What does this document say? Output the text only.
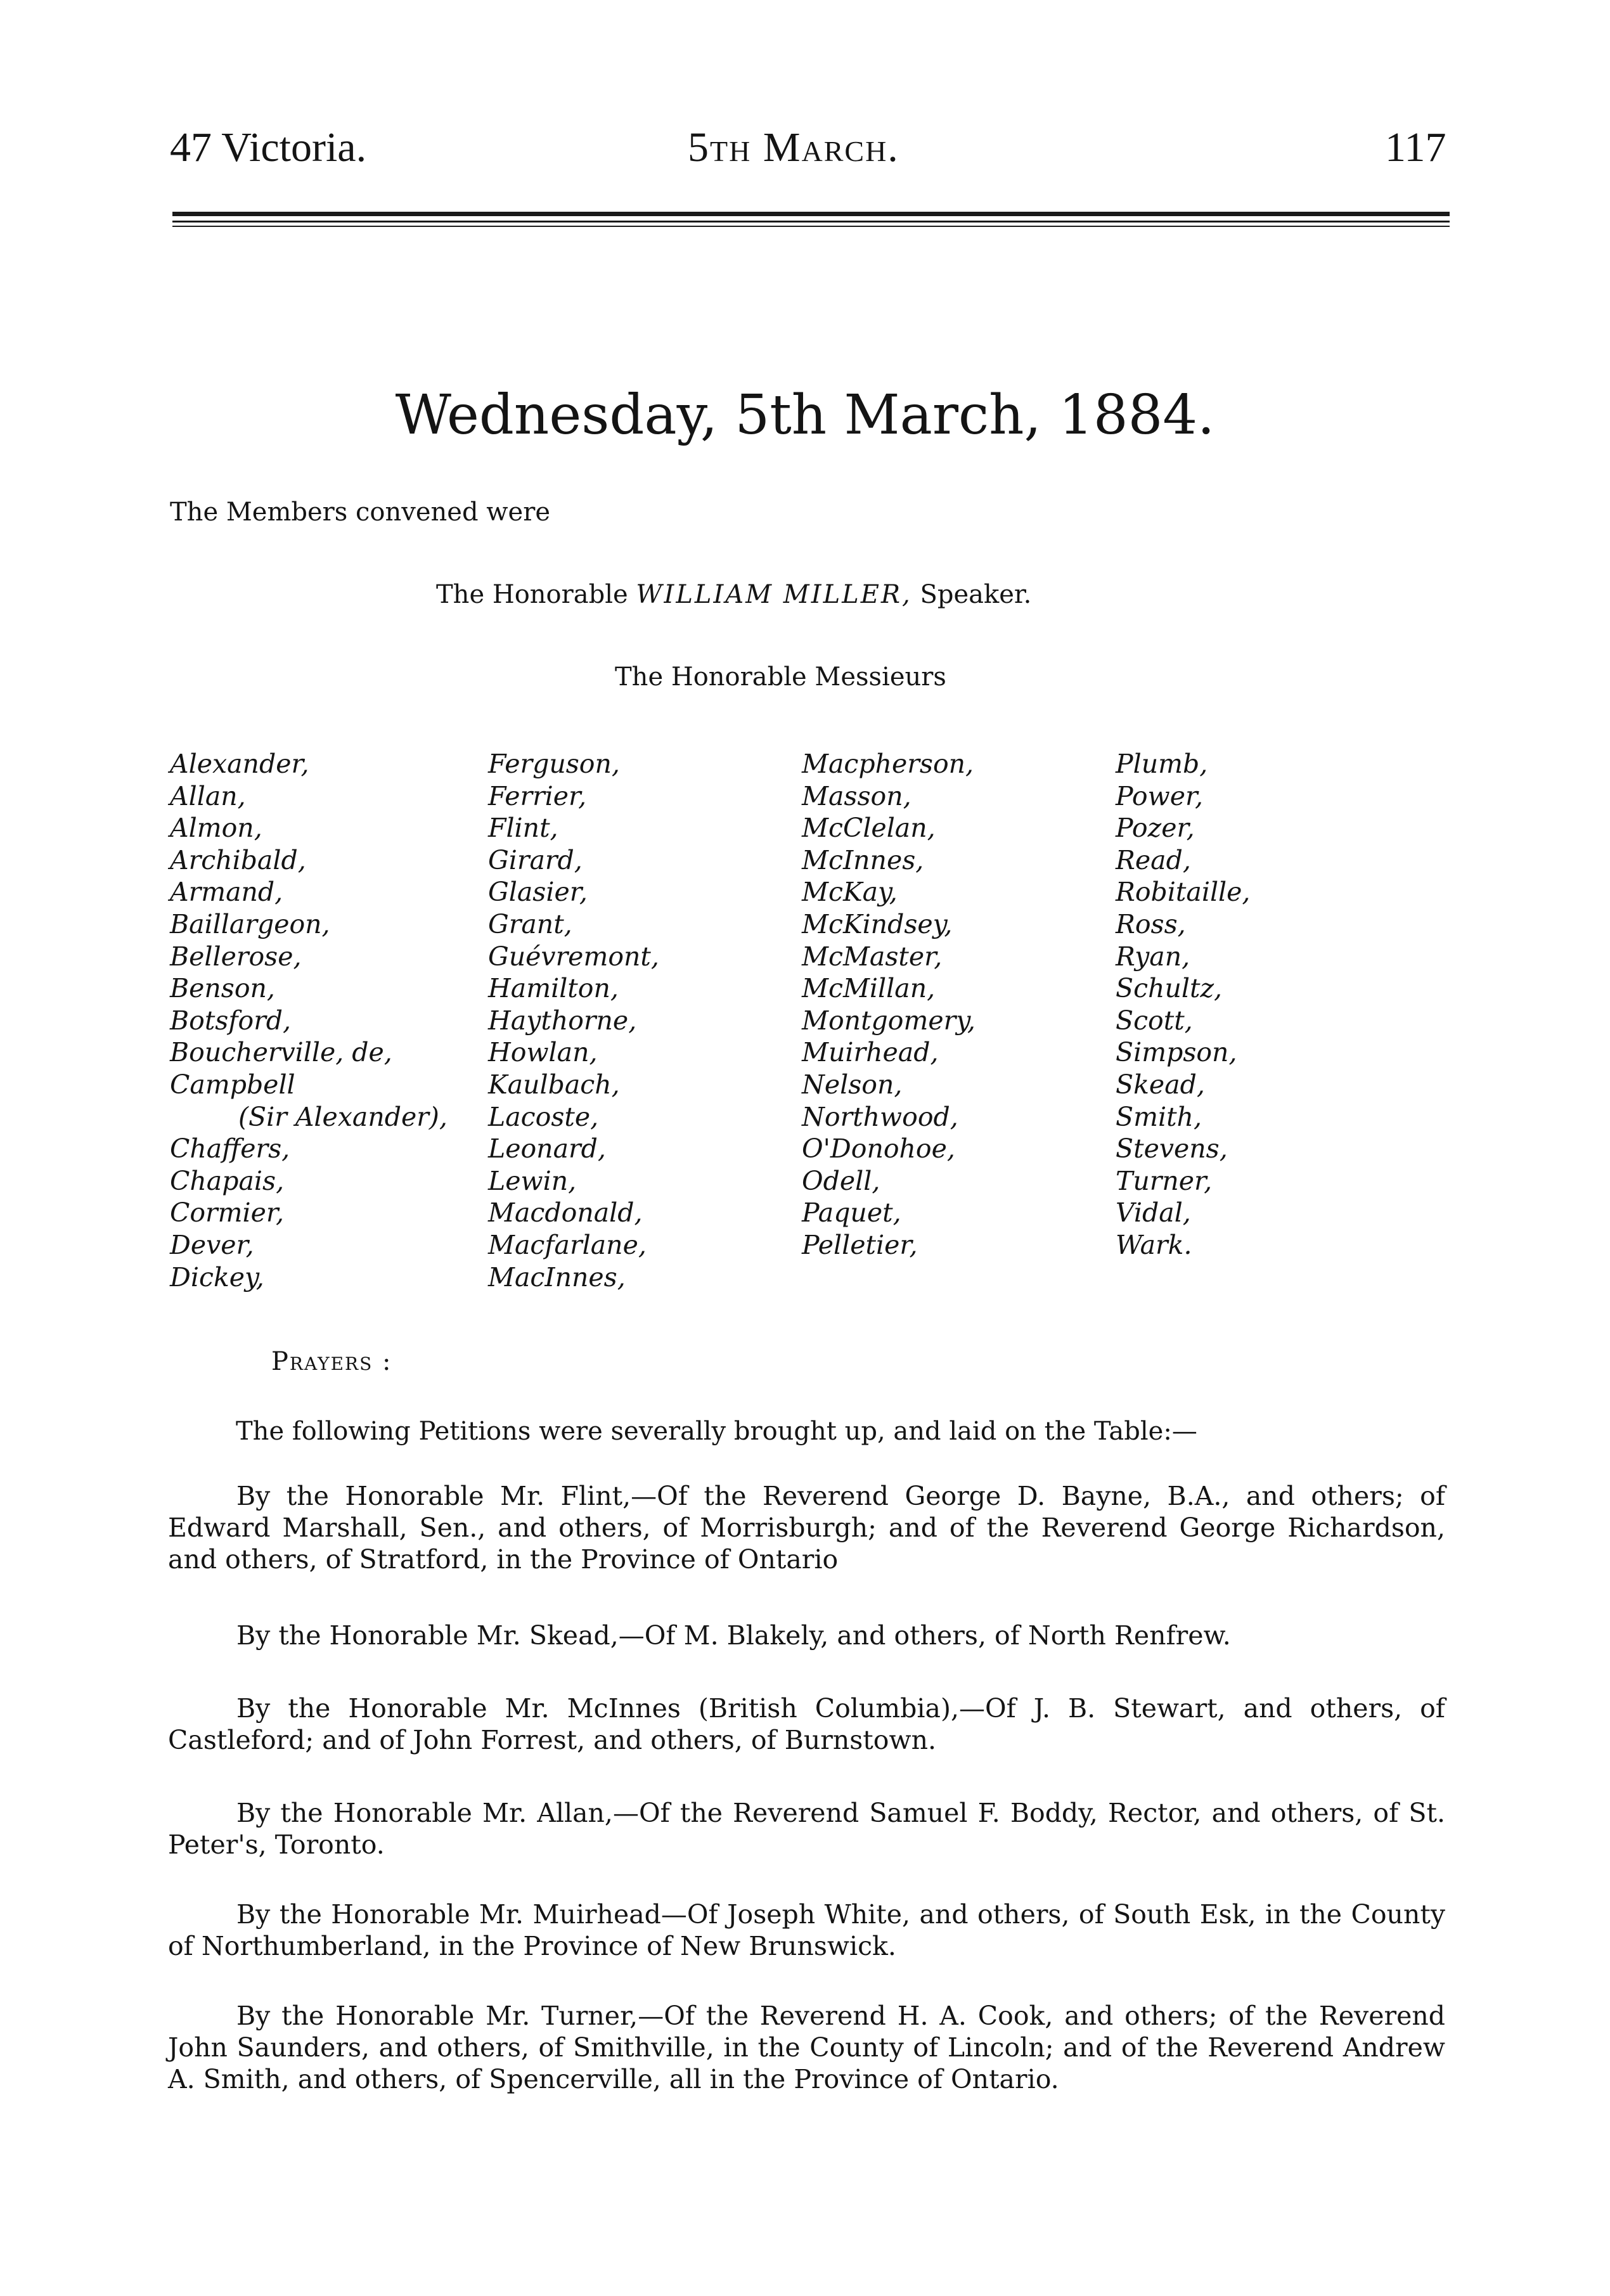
47 Victoria.	5th March.	117
Wednesday, 5th March, 1884.
The Members convened were
The Honorable WILLIAM MILLER, Speaker.
The Honorable Messieurs
Alexander,
Allan,
Almon,
Archibald,
Armand,
Baillargeon,
Bellerose,
Benson,
Botsford,
Boucherville, de,
Campbell
(Sir Alexander),
Chaffers,
Chapais,
Cormier,
Dever,
Dickey,
Ferguson,
Ferrier,
Flint,
Girard,
Glasier,
Grant,
Guévremont,
Hamilton,
Haythorne,
Howlan,
Kaulbach,
Lacoste,
Leonard,
Lewin,
Macdonald,
Macfarlane,
MacInnes,
Macpherson,
Masson,
McClelan,
McInnes,
McKay,
McKindsey,
McMaster,
McMillan,
Montgomery,
Muirhead,
Nelson,
Northwood,
O'Donohoe,
Odell,
Paquet,
Pelletier,
Plumb,
Power,
Pozer,
Read,
Robitaille,
Ross,
Ryan,
Schultz,
Scott,
Simpson,
Skead,
Smith,
Stevens,
Turner,
Vidal,
Wark.
Prayers :
The following Petitions were severally brought up, and laid on the Table:—
By the Honorable Mr. Flint,—Of the Reverend George D. Bayne, B.A., and others; of Edward Marshall, Sen., and others, of Morrisburgh; and of the Reverend George Richardson, and others, of Stratford, in the Province of Ontario
By the Honorable Mr. Skead,—Of M. Blakely, and others, of North Renfrew.
By the Honorable Mr. McInnes (British Columbia),—Of J. B. Stewart, and others, of Castleford; and of John Forrest, and others, of Burnstown.
By the Honorable Mr. Allan,—Of the Reverend Samuel F. Boddy, Rector, and others, of St. Peter's, Toronto.
By the Honorable Mr. Muirhead—Of Joseph White, and others, of South Esk, in the County of Northumberland, in the Province of New Brunswick.
By the Honorable Mr. Turner,—Of the Reverend H. A. Cook, and others; of the Reverend John Saunders, and others, of Smithville, in the County of Lincoln; and of the Reverend Andrew A. Smith, and others, of Spencerville, all in the Province of Ontario.
